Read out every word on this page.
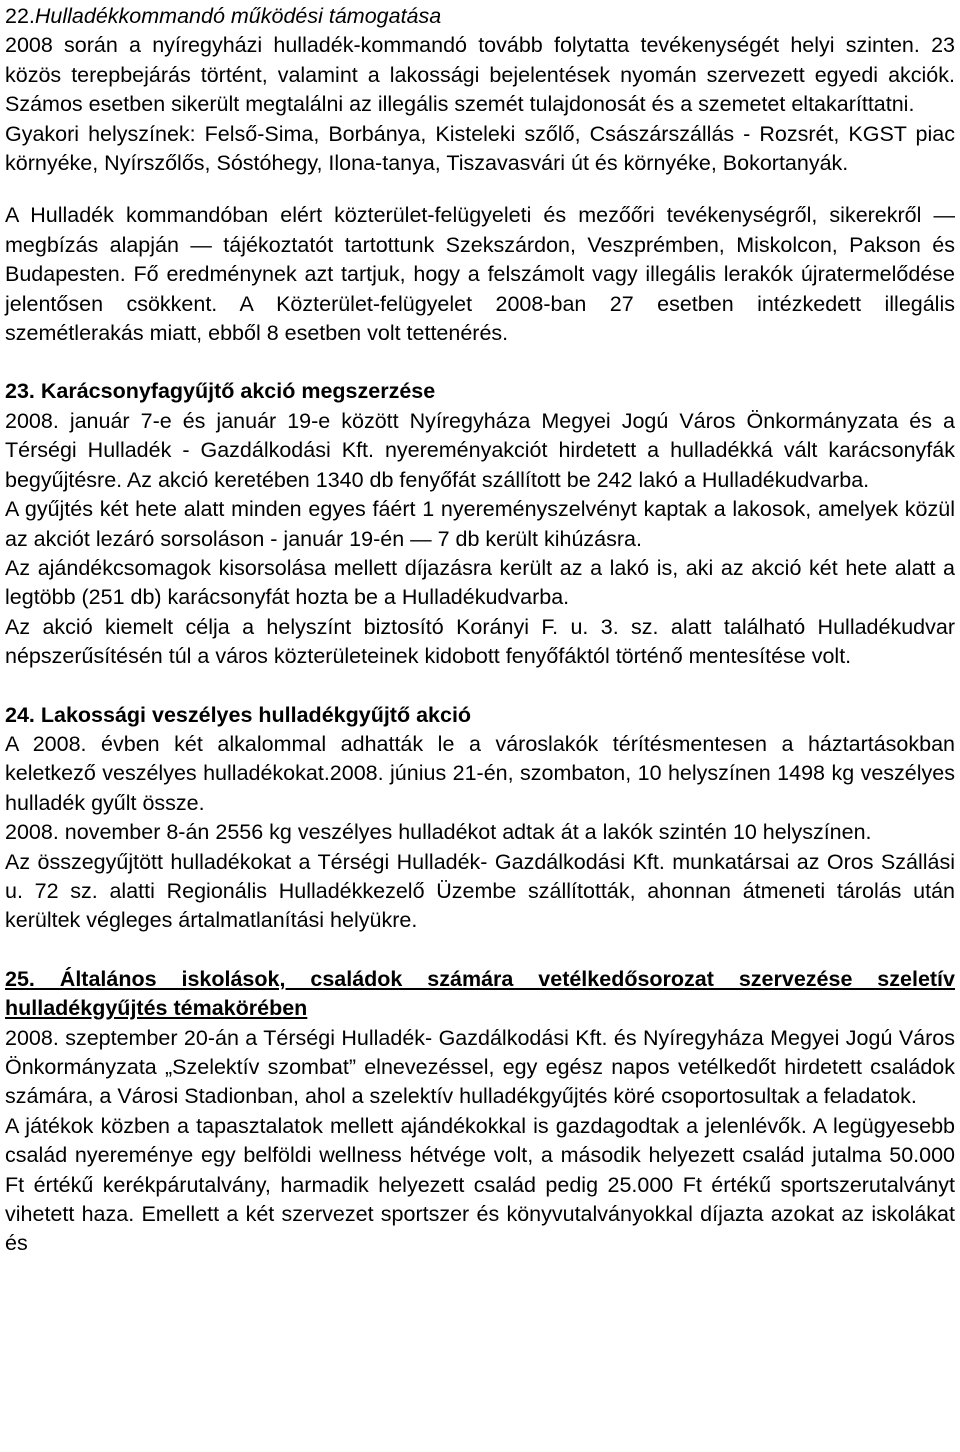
22.Hulladékkommandó működési támogatása

2008 során a nyíregyházi hulladék-kommandó tovább folytatta tevékenységét helyi szinten. 23 közös terepbejárás történt, valamint a lakossági bejelentések nyomán szervezett egyedi akciók. Számos esetben sikerült megtalálni az illegális szemét tulajdonosát és a szemetet eltakaríttatni.

Gyakori helyszínek: Felső-Sima, Borbánya, Kisteleki szőlő, Császárszállás - Rozsrét, KGST piac környéke, Nyírszőlős, Sóstóhegy, Ilona-tanya, Tiszavasvári út és környéke, Bokortanyák.

A Hulladék kommandóban elért közterület-felügyeleti és mezőőri tevékenységről, sikerekről — megbízás alapján — tájékoztatót tartottunk Szekszárdon, Veszprémben, Miskolcon, Pakson és Budapesten. Fő eredménynek azt tartjuk, hogy a felszámolt vagy illegális lerakók újratermelődése jelentősen csökkent. A Közterület-felügyelet 2008-ban 27 esetben intézkedett illegális szemétlerakás miatt, ebből 8 esetben volt tettenérés.

23. Karácsonyfagyűjtő akció megszerzése

2008. január 7-e és január 19-e között Nyíregyháza Megyei Jogú Város Önkormányzata és a Térségi Hulladék - Gazdálkodási Kft. nyereményakciót hirdetett a hulladékká vált karácsonyfák begyűjtésre. Az akció keretében 1340 db fenyőfát szállított be 242 lakó a Hulladékudvarba.

A gyűjtés két hete alatt minden egyes fáért 1 nyereményszelvényt kaptak a lakosok, amelyek közül az akciót lezáró sorsoláson - január 19-én — 7 db került kihúzásra.

Az ajándékcsomagok kisorsolása mellett díjazásra került az a lakó is, aki az akció két hete alatt a legtöbb (251 db) karácsonyfát hozta be a Hulladékudvarba.

Az akció kiemelt célja a helyszínt biztosító Korányi F. u. 3. sz. alatt található Hulladékudvar népszerűsítésén túl a város közterületeinek kidobott fenyőfáktól történő mentesítése volt.

24. Lakossági veszélyes hulladékgyűjtő akció

A 2008. évben két alkalommal adhatták le a városlakók térítésmentesen a háztartásokban keletkező veszélyes hulladékokat.2008. június 21-én, szombaton, 10 helyszínen 1498 kg veszélyes hulladék gyűlt össze.

2008. november 8-án 2556 kg veszélyes hulladékot adtak át a lakók szintén 10 helyszínen.

Az összegyűjtött hulladékokat a Térségi Hulladék- Gazdálkodási Kft. munkatársai az Oros Szállási u. 72 sz. alatti Regionális Hulladékkezelő Üzembe szállították, ahonnan átmeneti tárolás után kerültek végleges ártalmatlanítási helyükre.

25. Általános iskolások, családok számára vetélkedősorozat szervezése szeletív hulladékgyűjtés témakörében

2008. szeptember 20-án a Térségi Hulladék- Gazdálkodási Kft. és Nyíregyháza Megyei Jogú Város Önkormányzata „Szelektív szombat” elnevezéssel, egy egész napos vetélkedőt hirdetett családok számára, a Városi Stadionban, ahol a szelektív hulladékgyűjtés köré csoportosultak a feladatok.

A játékok közben a tapasztalatok mellett ajándékokkal is gazdagodtak a jelenlévők. A legügyesebb család nyereménye egy belföldi wellness hétvége volt, a második helyezett család jutalma 50.000 Ft értékű kerékpárutalvány, harmadik helyezett család pedig 25.000 Ft értékű sportszerutalványt vihetett haza. Emellett a két szervezet sportszer és könyvutalványokkal díjazta azokat az iskolákat és
